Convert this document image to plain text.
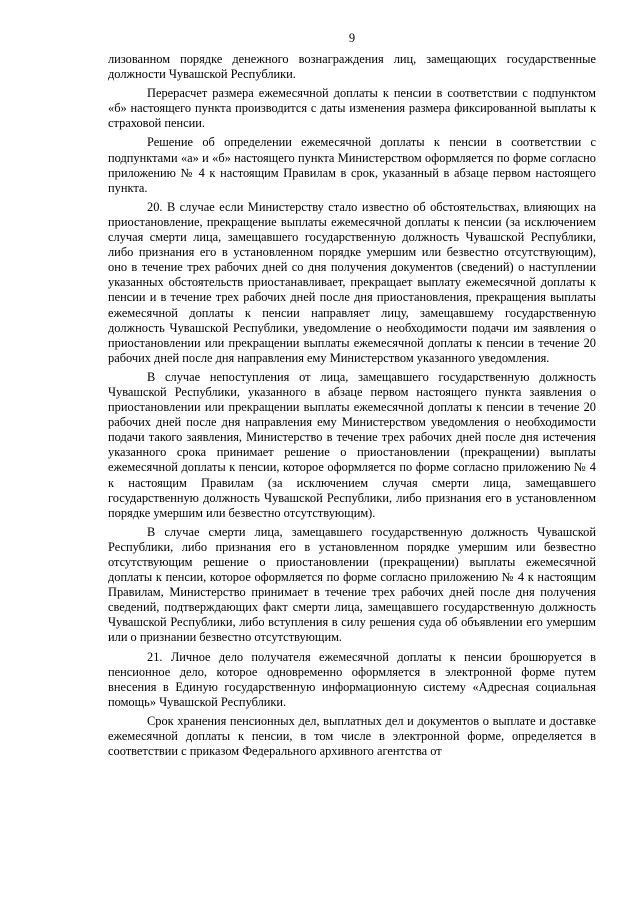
9

лизованном порядке денежного вознаграждения лиц, замещающих государственные должности Чувашской Республики.

Перерасчет размера ежемесячной доплаты к пенсии в соответствии с подпунктом «б» настоящего пункта производится с даты изменения размера фиксированной выплаты к страховой пенсии.

Решение об определении ежемесячной доплаты к пенсии в соответствии с подпунктами «а» и «б» настоящего пункта Министерством оформляется по форме согласно приложению № 4 к настоящим Правилам в срок, указанный в абзаце первом настоящего пункта.

20. В случае если Министерству стало известно об обстоятельствах, влияющих на приостановление, прекращение выплаты ежемесячной доплаты к пенсии (за исключением случая смерти лица, замещавшего государственную должность Чувашской Республики, либо признания его в установленном порядке умершим или безвестно отсутствующим), оно в течение трех рабочих дней со дня получения документов (сведений) о наступлении указанных обстоятельств приостанавливает, прекращает выплату ежемесячной доплаты к пенсии и в течение трех рабочих дней после дня приостановления, прекращения выплаты ежемесячной доплаты к пенсии направляет лицу, замещавшему государственную должность Чувашской Республики, уведомление о необходимости подачи им заявления о приостановлении или прекращении выплаты ежемесячной доплаты к пенсии в течение 20 рабочих дней после дня направления ему Министерством указанного уведомления.

В случае непоступления от лица, замещавшего государственную должность Чувашской Республики, указанного в абзаце первом настоящего пункта заявления о приостановлении или прекращении выплаты ежемесячной доплаты к пенсии в течение 20 рабочих дней после дня направления ему Министерством уведомления о необходимости подачи такого заявления, Министерство в течение трех рабочих дней после дня истечения указанного срока принимает решение о приостановлении (прекращении) выплаты ежемесячной доплаты к пенсии, которое оформляется по форме согласно приложению № 4 к настоящим Правилам (за исключением случая смерти лица, замещавшего государственную должность Чувашской Республики, либо признания его в установленном порядке умершим или безвестно отсутствующим).

В случае смерти лица, замещавшего государственную должность Чувашской Республики, либо признания его в установленном порядке умершим или безвестно отсутствующим решение о приостановлении (прекращении) выплаты ежемесячной доплаты к пенсии, которое оформляется по форме согласно приложению № 4 к настоящим Правилам, Министерство принимает в течение трех рабочих дней после дня получения сведений, подтверждающих факт смерти лица, замещавшего государственную должность Чувашской Республики, либо вступления в силу решения суда об объявлении его умершим или о признании безвестно отсутствующим.

21. Личное дело получателя ежемесячной доплаты к пенсии брошюруется в пенсионное дело, которое одновременно оформляется в электронной форме путем внесения в Единую государственную информационную систему «Адресная социальная помощь» Чувашской Республики.

Срок хранения пенсионных дел, выплатных дел и документов о выплате и доставке ежемесячной доплаты к пенсии, в том числе в электронной форме, определяется в соответствии с приказом Федерального архивного агентства от
